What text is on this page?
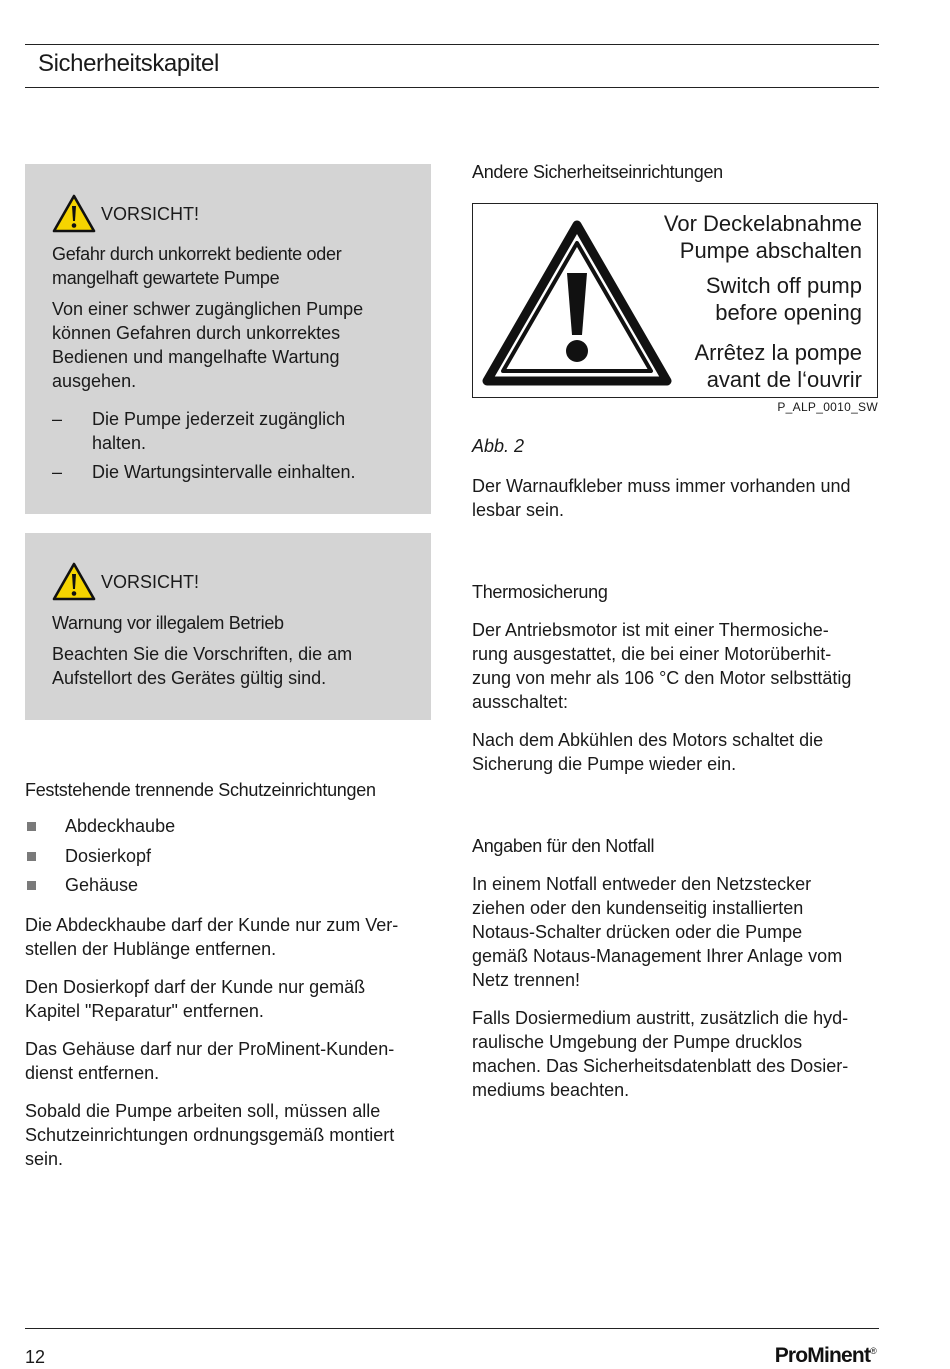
Sicherheitskapitel
VORSICHT!

Gefahr durch unkorrekt bediente oder
mangelhaft gewartete Pumpe

Von einer schwer zugänglichen Pumpe
können Gefahren durch unkorrektes
Bedienen und mangelhafte Wartung
ausgehen.

– Die Pumpe jederzeit zugänglich
halten.
– Die Wartungsintervalle einhalten.
VORSICHT!

Warnung vor illegalem Betrieb

Beachten Sie die Vorschriften, die am
Aufstellort des Gerätes gültig sind.

Feststehende trennende Schutzeinrichtungen

Abdeckhaube
Dosierkopf
Gehäuse

Die Abdeckhaube darf der Kunde nur zum Ver-
stellen der Hublänge entfernen.

Den Dosierkopf darf der Kunde nur gemäß
Kapitel "Reparatur" entfernen.

Das Gehäuse darf nur der ProMinent-Kunden-
dienst entfernen.

Sobald die Pumpe arbeiten soll, müssen alle
Schutzeinrichtungen ordnungsgemäß montiert
sein.

Andere Sicherheitseinrichtungen

Vor Deckelabnahme
Pumpe abschalten
Switch off pump
before opening
Arrêtez la pompe
avant de l‘ouvrir
P_ALP_0010_SW
Abb. 2

Der Warnaufkleber muss immer vorhanden und
lesbar sein.

Thermosicherung

Der Antriebsmotor ist mit einer Thermosiche-
rung ausgestattet, die bei einer Motorüberhit-
zung von mehr als 106 °C den Motor selbsttätig
ausschaltet:

Nach dem Abkühlen des Motors schaltet die
Sicherung die Pumpe wieder ein.

Angaben für den Notfall

In einem Notfall entweder den Netzstecker
ziehen oder den kundenseitig installierten
Notaus-Schalter drücken oder die Pumpe
gemäß Notaus-Management Ihrer Anlage vom
Netz trennen!

Falls Dosiermedium austritt, zusätzlich die hyd-
raulische Umgebung der Pumpe drucklos
machen. Das Sicherheitsdatenblatt des Dosier-
mediums beachten.

12	ProMinent®
